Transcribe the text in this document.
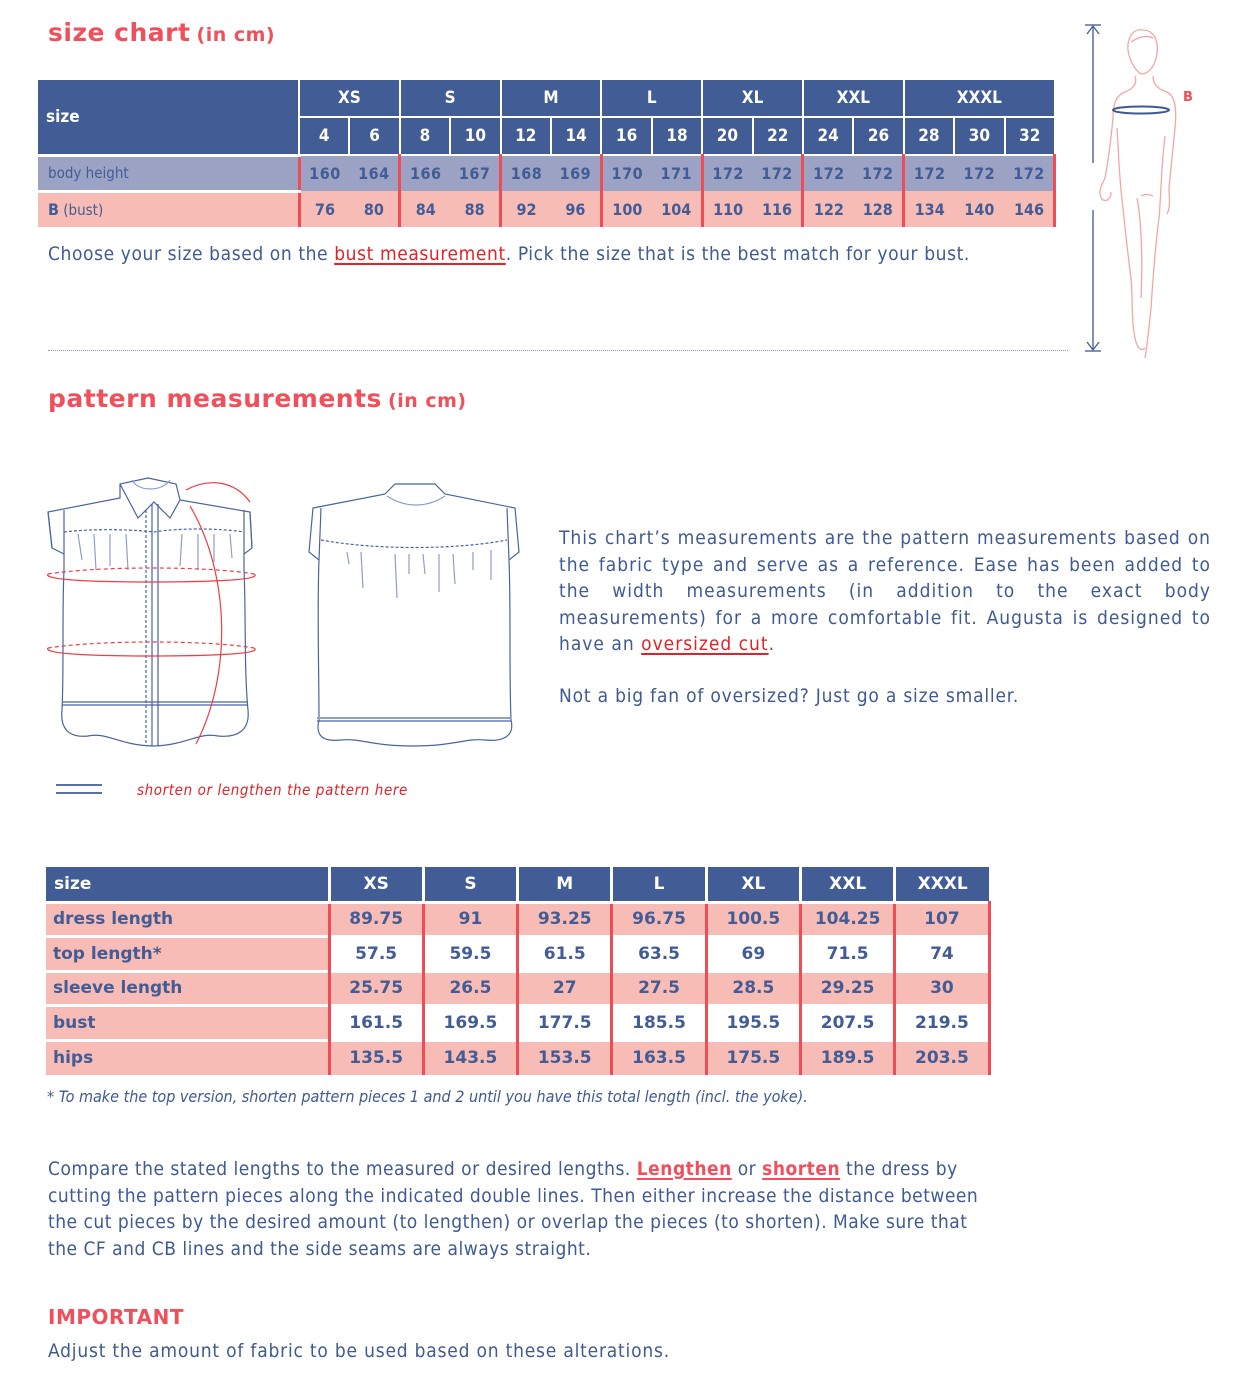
size chart (in cm)
size	XS		S		M		L		XL		XXL		XXXL		
	4	6	8	10	12	14	16	18	20	22	24	26	28	30	32
body height	160	164	166	167	168	169	170	171	172	172	172	172	172	172	172
B (bust)	76	80	84	88	92	96	100	104	110	116	122	128	134	140	146
Choose your size based on the bust measurement. Pick the size that is the best match for your bust.
B
pattern measurements (in cm)
This chart’s measurements are the pattern measurements based on the fabric type and serve as a reference. Ease has been added to the width measurements (in addition to the exact body measurements) for a more comfortable fit. Augusta is designed to have an oversized cut.
Not a big fan of oversized? Just go a size smaller.
shorten or lengthen the pattern here
size	XS	S	M	L	XL	XXL	XXXL
dress length	89.75	91	93.25	96.75	100.5	104.25	107
top length*	57.5	59.5	61.5	63.5	69	71.5	74
sleeve length	25.75	26.5	27	27.5	28.5	29.25	30
bust	161.5	169.5	177.5	185.5	195.5	207.5	219.5
hips	135.5	143.5	153.5	163.5	175.5	189.5	203.5
* To make the top version, shorten pattern pieces 1 and 2 until you have this total length (incl. the yoke).
Compare the stated lengths to the measured or desired lengths. Lengthen or shorten the dress by cutting the pattern pieces along the indicated double lines. Then either increase the distance between the cut pieces by the desired amount (to lengthen) or overlap the pieces (to shorten). Make sure that the CF and CB lines and the side seams are always straight.
IMPORTANT
Adjust the amount of fabric to be used based on these alterations.
